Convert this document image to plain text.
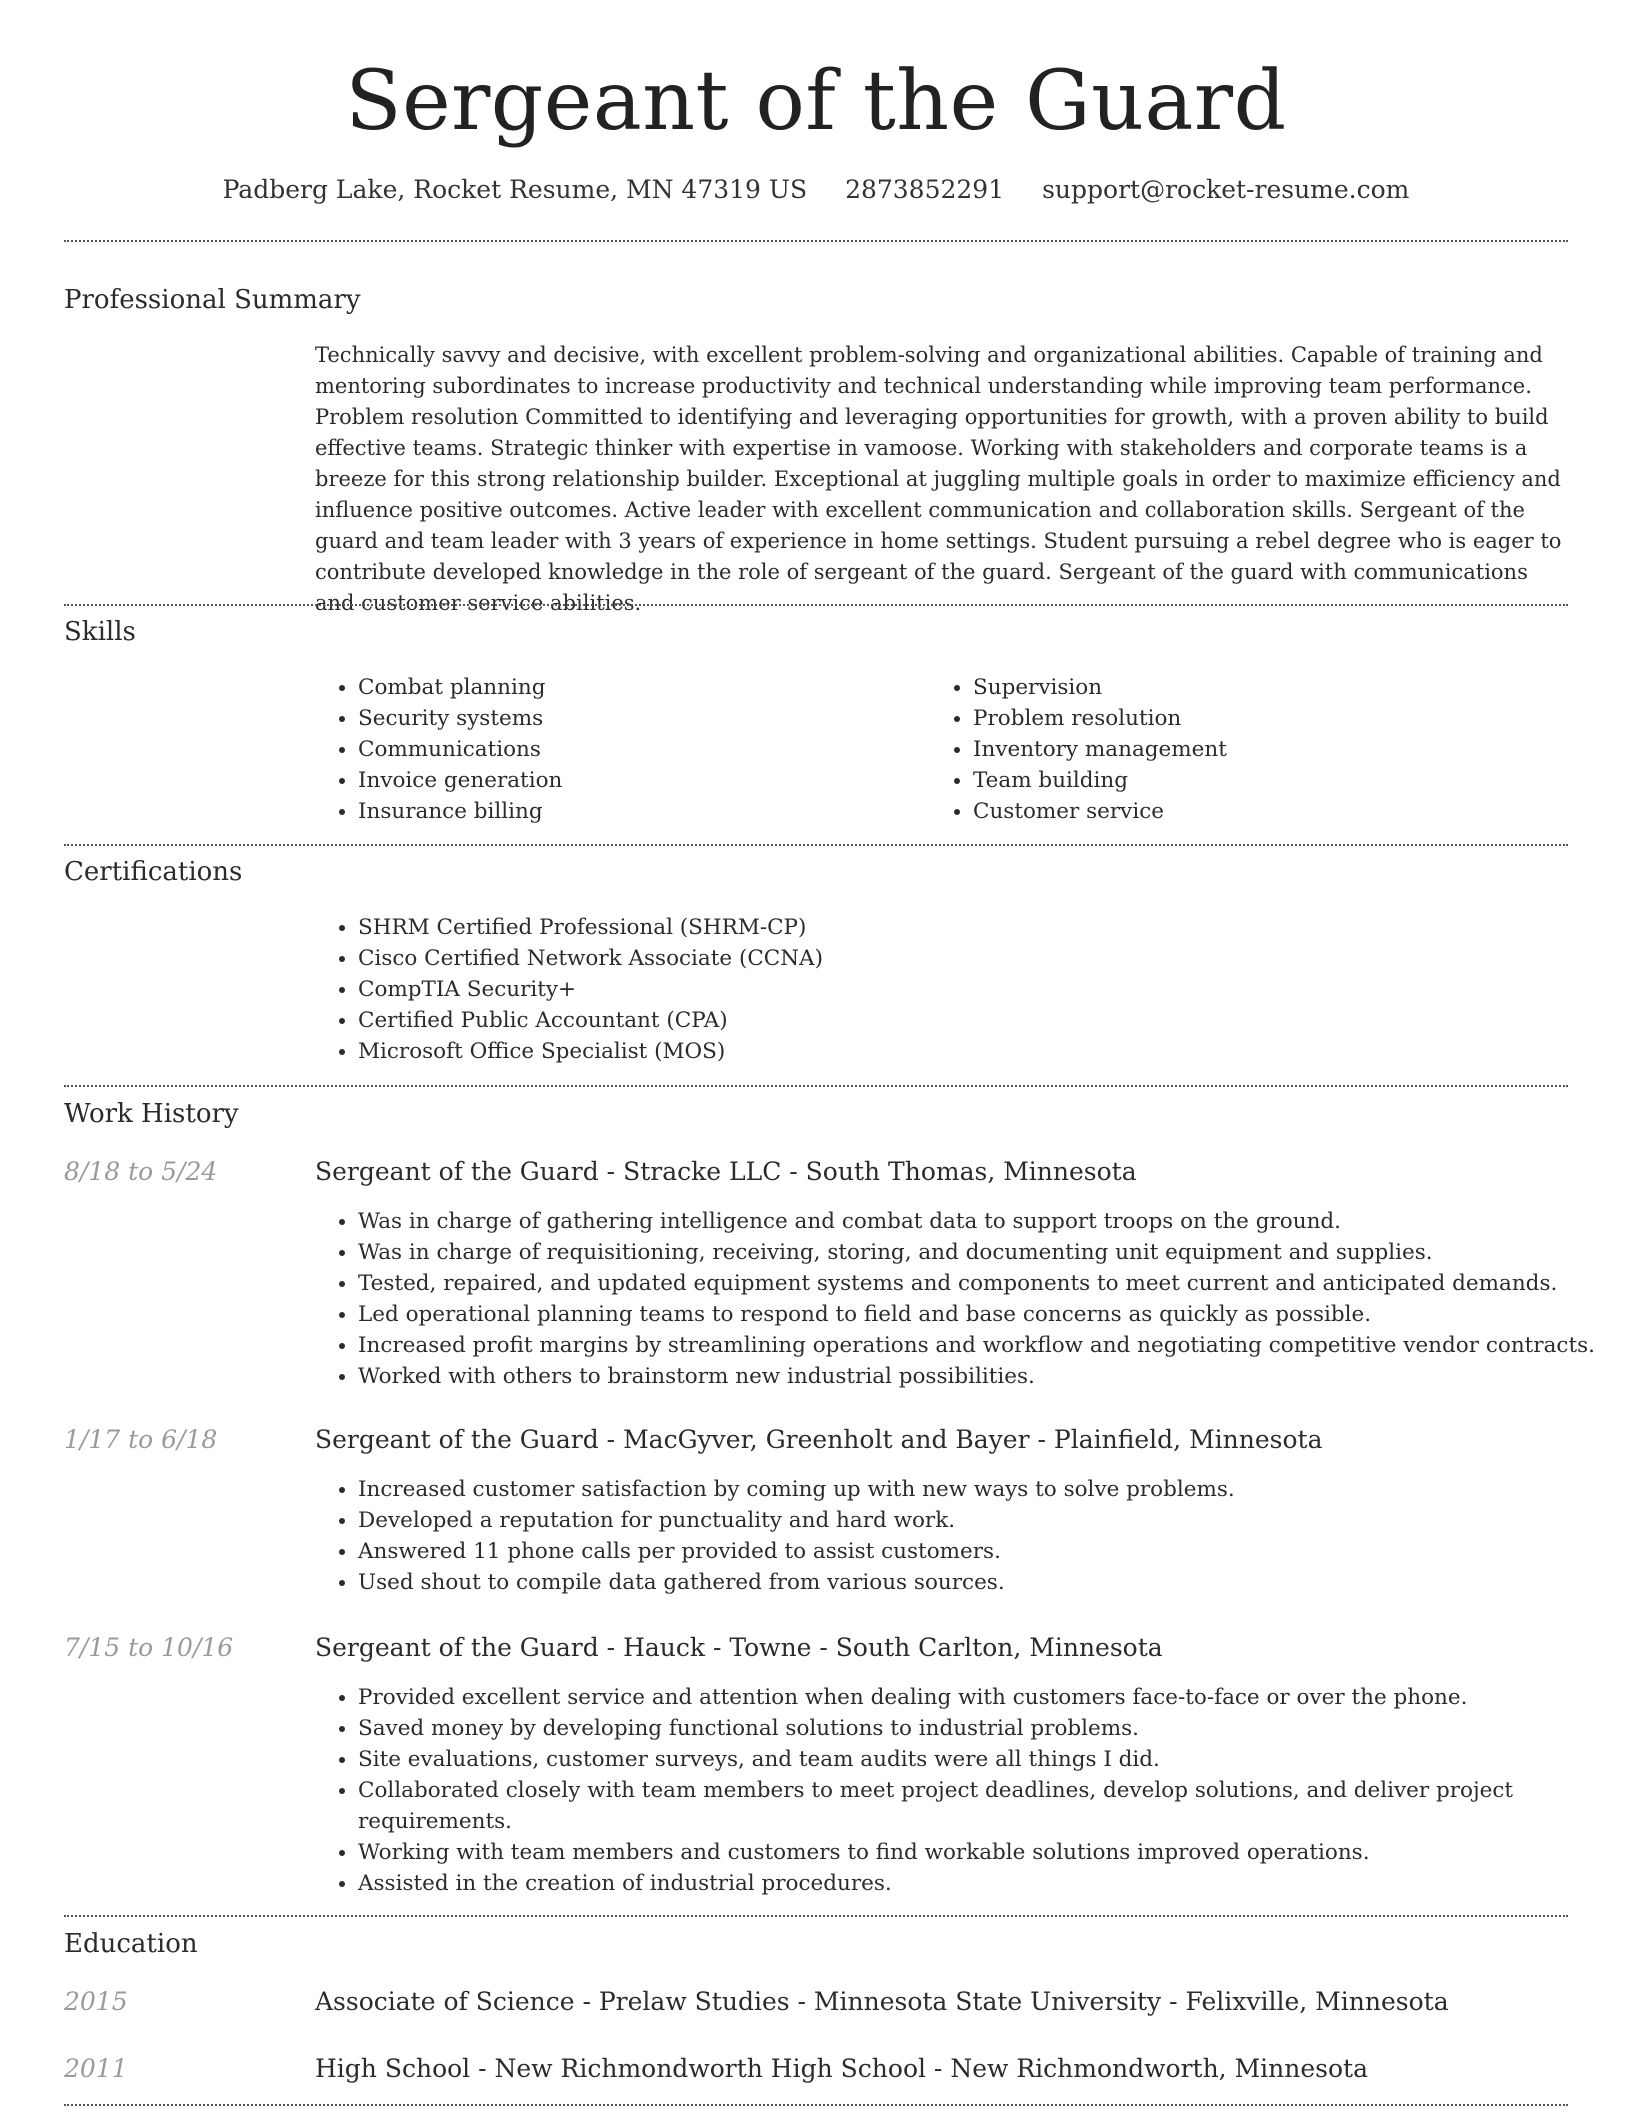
Sergeant of the Guard
Padberg Lake, Rocket Resume, MN 47319 US 2873852291 support@rocket-resume.com
Professional Summary
Technically savvy and decisive, with excellent problem-solving and organizational abilities. Capable of training and mentoring subordinates to increase productivity and technical understanding while improving team performance. Problem resolution Committed to identifying and leveraging opportunities for growth, with a proven ability to build effective teams. Strategic thinker with expertise in vamoose. Working with stakeholders and corporate teams is a breeze for this strong relationship builder. Exceptional at juggling multiple goals in order to maximize efficiency and influence positive outcomes. Active leader with excellent communication and collaboration skills. Sergeant of the guard and team leader with 3 years of experience in home settings. Student pursuing a rebel degree who is eager to contribute developed knowledge in the role of sergeant of the guard. Sergeant of the guard with communications and customer service abilities.
Skills
• Combat planning
• Security systems
• Communications
• Invoice generation
• Insurance billing
• Supervision
• Problem resolution
• Inventory management
• Team building
• Customer service
Certifications
• SHRM Certified Professional (SHRM-CP)
• Cisco Certified Network Associate (CCNA)
• CompTIA Security+
• Certified Public Accountant (CPA)
• Microsoft Office Specialist (MOS)
Work History
8/18 to 5/24	Sergeant of the Guard - Stracke LLC - South Thomas, Minnesota
• Was in charge of gathering intelligence and combat data to support troops on the ground.
• Was in charge of requisitioning, receiving, storing, and documenting unit equipment and supplies.
• Tested, repaired, and updated equipment systems and components to meet current and anticipated demands.
• Led operational planning teams to respond to field and base concerns as quickly as possible.
• Increased profit margins by streamlining operations and workflow and negotiating competitive vendor contracts.
• Worked with others to brainstorm new industrial possibilities.
1/17 to 6/18	Sergeant of the Guard - MacGyver, Greenholt and Bayer - Plainfield, Minnesota
• Increased customer satisfaction by coming up with new ways to solve problems.
• Developed a reputation for punctuality and hard work.
• Answered 11 phone calls per provided to assist customers.
• Used shout to compile data gathered from various sources.
7/15 to 10/16	Sergeant of the Guard - Hauck - Towne - South Carlton, Minnesota
• Provided excellent service and attention when dealing with customers face-to-face or over the phone.
• Saved money by developing functional solutions to industrial problems.
• Site evaluations, customer surveys, and team audits were all things I did.
• Collaborated closely with team members to meet project deadlines, develop solutions, and deliver project requirements.
• Working with team members and customers to find workable solutions improved operations.
• Assisted in the creation of industrial procedures.
Education
2015	Associate of Science - Prelaw Studies - Minnesota State University - Felixville, Minnesota
2011	High School - New Richmondworth High School - New Richmondworth, Minnesota
